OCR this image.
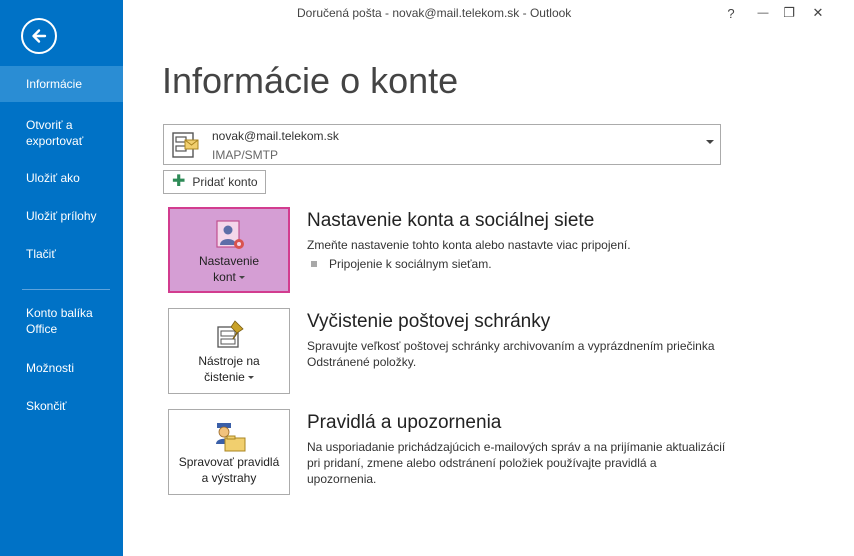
Informácie
Otvoriť a
exportovať
Uložiť ako
Uložiť prílohy
Tlačiť
Konto balíka
Office
Možnosti
Skončiť
Doručená pošta - novak@mail.telekom.sk - Outlook	? — ❐ ✕
Informácie o konte
novak@mail.telekom.sk
IMAP/SMTP
✚ Pridať konto
Nastavenie
kont
Nastavenie konta a sociálnej siete
Zmeňte nastavenie tohto konta alebo nastavte viac pripojení.
Pripojenie k sociálnym sieťam.
Nástroje na
čistenie
Vyčistenie poštovej schránky
Spravujte veľkosť poštovej schránky archivovaním a vyprázdnením priečinka Odstránené položky.
Spravovať pravidlá
a výstrahy
Pravidlá a upozornenia
Na usporiadanie prichádzajúcich e-mailových správ a na prijímanie aktualizácií pri pridaní, zmene alebo odstránení položiek používajte pravidlá a upozornenia.
